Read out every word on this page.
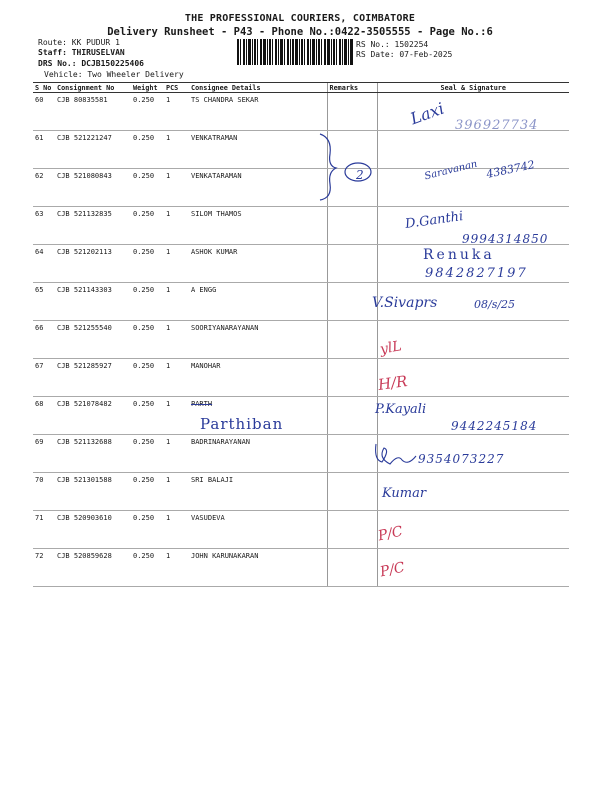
THE PROFESSIONAL COURIERS, COIMBATORE
Delivery Runsheet - P43 - Phone No.:0422-3505555 - Page No.:6
Route: KK PUDUR 1
Staff: THIRUSELVAN
DRS No.: DCJB150225406
Vehicle: Two Wheeler Delivery
RS No.: 1502254
RS Date: 07-Feb-2025
S No	Consignment No	Weight	PCS	Consignee Details	Remarks	Seal & Signature
60	CJB 80835581	0.250	1	TS CHANDRA SEKAR		
61	CJB 521221247	0.250	1	VENKATRAMAN		
62	CJB 521080843	0.250	1	VENKATARAMAN		
63	CJB 521132835	0.250	1	SILOM THAMOS		
64	CJB 521202113	0.250	1	ASHOK KUMAR		
65	CJB 521143303	0.250	1	A ENGG		
66	CJB 521255540	0.250	1	SOORIYANARAYANAN		
67	CJB 521285927	0.250	1	MANOHAR		
68	CJB 521078482	0.250	1	PARTH		
69	CJB 521132688	0.250	1	BADRINARAYANAN		
70	CJB 521301588	0.250	1	SRI BALAJI		
71	CJB 520903610	0.250	1	VASUDEVA		
72	CJB 520859628	0.250	1	JOHN KARUNAKARAN		
Laxi 396927734
Saravanan 4383742
2
D.Ganthi
9994314850
Renuka
9842827197
V.Sivaprs	08/s/25
ylL
H/R
P.Kayali
9442245184
Parthiban
9354073227
Kumar
P/C
P/C
